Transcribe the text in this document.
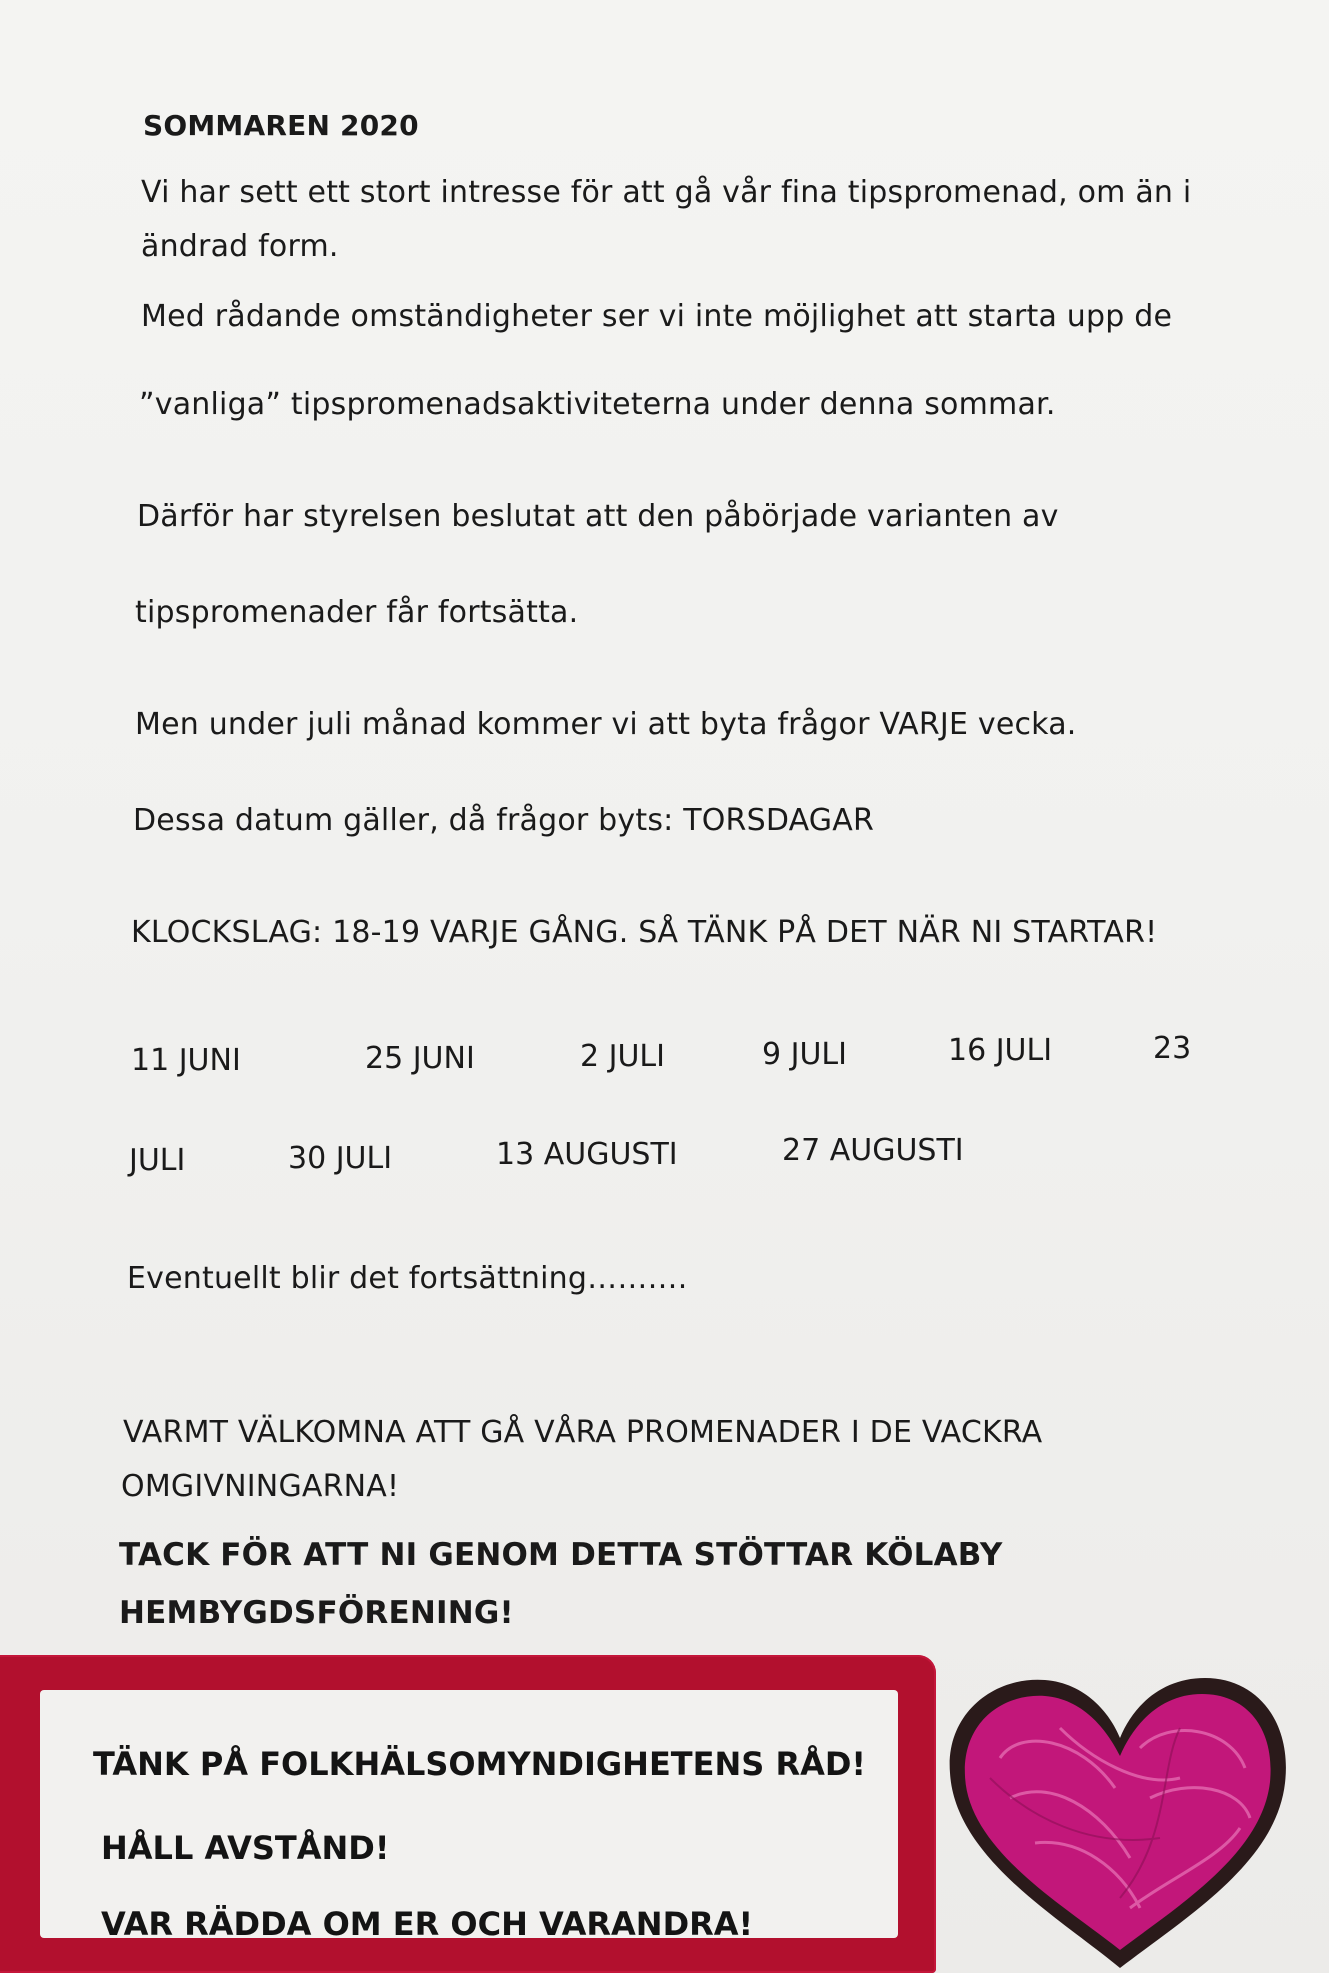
SOMMAREN 2020

Vi har sett ett stort intresse för att gå vår fina tipspromenad, om än i

ändrad form.

Med rådande omständigheter ser vi inte möjlighet att starta upp de

”vanliga” tipspromenadsaktiviteterna under denna sommar.

Därför har styrelsen beslutat att den påbörjade varianten av

tipspromenader får fortsätta.

Men under juli månad kommer vi att byta frågor VARJE vecka.

Dessa datum gäller, då frågor byts: TORSDAGAR

KLOCKSLAG: 18-19 VARJE GÅNG. SÅ TÄNK PÅ DET NÄR NI STARTAR!

11 JUNI	25 JUNI	2 JULI	9 JULI	16 JULI	23
JULI	30 JULI	13 AUGUSTI	27 AUGUSTI

Eventuellt blir det fortsättning……….

VARMT VÄLKOMNA ATT GÅ VÅRA PROMENADER I DE VACKRA

OMGIVNINGARNA!

TACK FÖR ATT NI GENOM DETTA STÖTTAR KÖLABY

HEMBYGDSFÖRENING!

TÄNK PÅ FOLKHÄLSOMYNDIGHETENS RÅD!

HÅLL AVSTÅND!

VAR RÄDDA OM ER OCH VARANDRA!
